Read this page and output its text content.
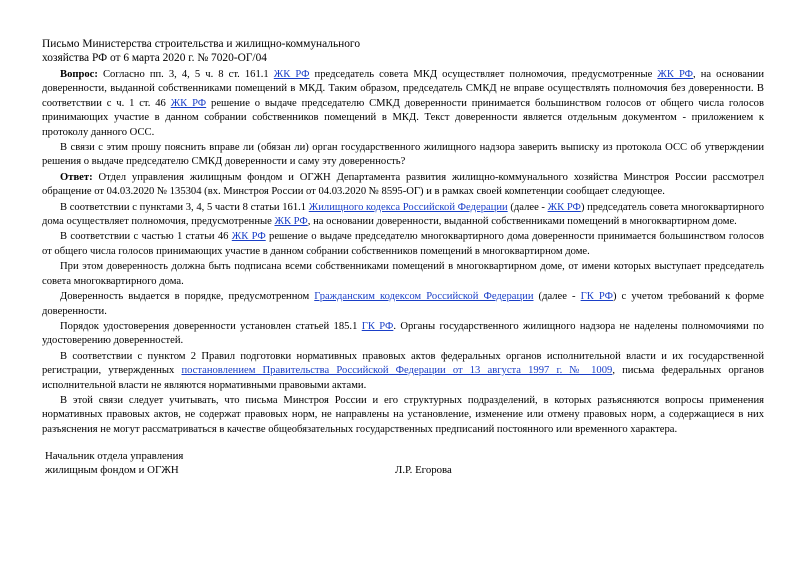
Письмо Министерства строительства и жилищно-коммунального
хозяйства РФ от 6 марта 2020 г. № 7020-ОГ/04

Вопрос: Согласно пп. 3, 4, 5 ч. 8 ст. 161.1 ЖК РФ председатель совета МКД осуществляет полномочия, предусмотренные ЖК РФ, на основании доверенности, выданной собственниками помещений в МКД. Таким образом, председатель СМКД не вправе осуществлять полномочия без доверенности. В соответствии с ч. 1 ст. 46 ЖК РФ решение о выдаче председателю СМКД доверенности принимается большинством голосов от общего числа голосов принимающих участие в данном собрании собственников помещений в МКД. Текст доверенности является отдельным документом - приложением к протоколу данного ОСС.

В связи с этим прошу пояснить вправе ли (обязан ли) орган государственного жилищного надзора заверить выписку из протокола ОСС об утверждении решения о выдаче председателю СМКД доверенности и саму эту доверенность?

Ответ: Отдел управления жилищным фондом и ОГЖН Департамента развития жилищно-коммунального хозяйства Минстроя России рассмотрел обращение от 04.03.2020 № 135304 (вх. Минстроя России от 04.03.2020 № 8595-ОГ) и в рамках своей компетенции сообщает следующее.

В соответствии с пунктами 3, 4, 5 части 8 статьи 161.1 Жилищного кодекса Российской Федерации (далее - ЖК РФ) председатель совета многоквартирного дома осуществляет полномочия, предусмотренные ЖК РФ, на основании доверенности, выданной собственниками помещений в многоквартирном доме.

В соответствии с частью 1 статьи 46 ЖК РФ решение о выдаче председателю многоквартирного дома доверенности принимается большинством голосов от общего числа голосов принимающих участие в данном собрании собственников помещений в многоквартирном доме.

При этом доверенность должна быть подписана всеми собственниками помещений в многоквартирном доме, от имени которых выступает председатель совета многоквартирного дома.

Доверенность выдается в порядке, предусмотренном Гражданским кодексом Российской Федерации (далее - ГК РФ) с учетом требований к форме доверенности.

Порядок удостоверения доверенности установлен статьей 185.1 ГК РФ. Органы государственного жилищного надзора не наделены полномочиями по удостоверению доверенностей.

В соответствии с пунктом 2 Правил подготовки нормативных правовых актов федеральных органов исполнительной власти и их государственной регистрации, утвержденных постановлением Правительства Российской Федерации от 13 августа 1997 г. № 1009, письма федеральных органов исполнительной власти не являются нормативными правовыми актами.

В этой связи следует учитывать, что письма Минстроя России и его структурных подразделений, в которых разъясняются вопросы применения нормативных правовых актов, не содержат правовых норм, не направлены на установление, изменение или отмену правовых норм, а содержащиеся в них разъяснения не могут рассматриваться в качестве общеобязательных государственных предписаний постоянного или временного характера.

Начальник отдела управления
жилищным фондом и ОГЖН	Л.Р. Егорова
